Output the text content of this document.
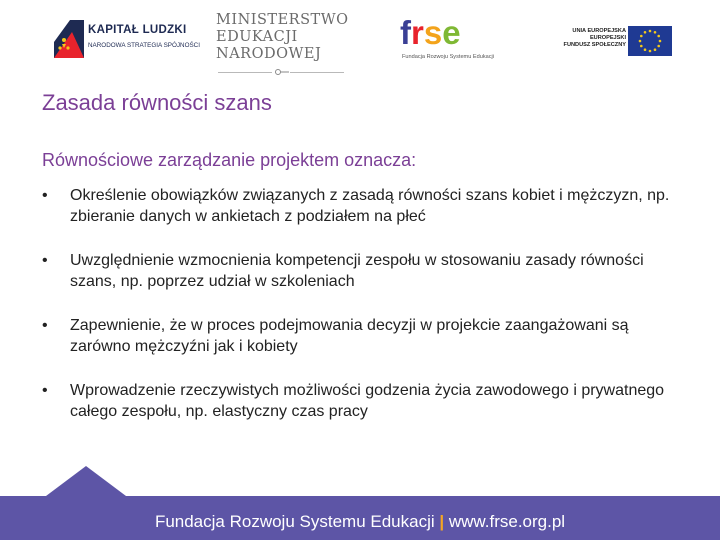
KAPITAŁ LUDZKI
NARODOWA STRATEGIA SPÓJNOŚCI
MINISTERSTWO
EDUKACJI
NARODOWEJ
frse
Fundacja Rozwoju Systemu Edukacji
UNIA EUROPEJSKA
EUROPEJSKI
FUNDUSZ SPOŁECZNY
Zasada równości szans
Równościowe zarządzanie projektem oznacza:
• Określenie obowiązków związanych z zasadą równości szans kobiet i mężczyzn, np. zbieranie danych w ankietach z podziałem na płeć
• Uwzględnienie wzmocnienia kompetencji zespołu w stosowaniu zasady równości szans, np. poprzez udział w szkoleniach
• Zapewnienie, że w proces podejmowania decyzji w projekcie zaangażowani są zarówno mężczyźni jak i kobiety
• Wprowadzenie rzeczywistych możliwości godzenia życia zawodowego i prywatnego całego zespołu, np. elastyczny czas pracy
Fundacja Rozwoju Systemu Edukacji | www.frse.org.pl
